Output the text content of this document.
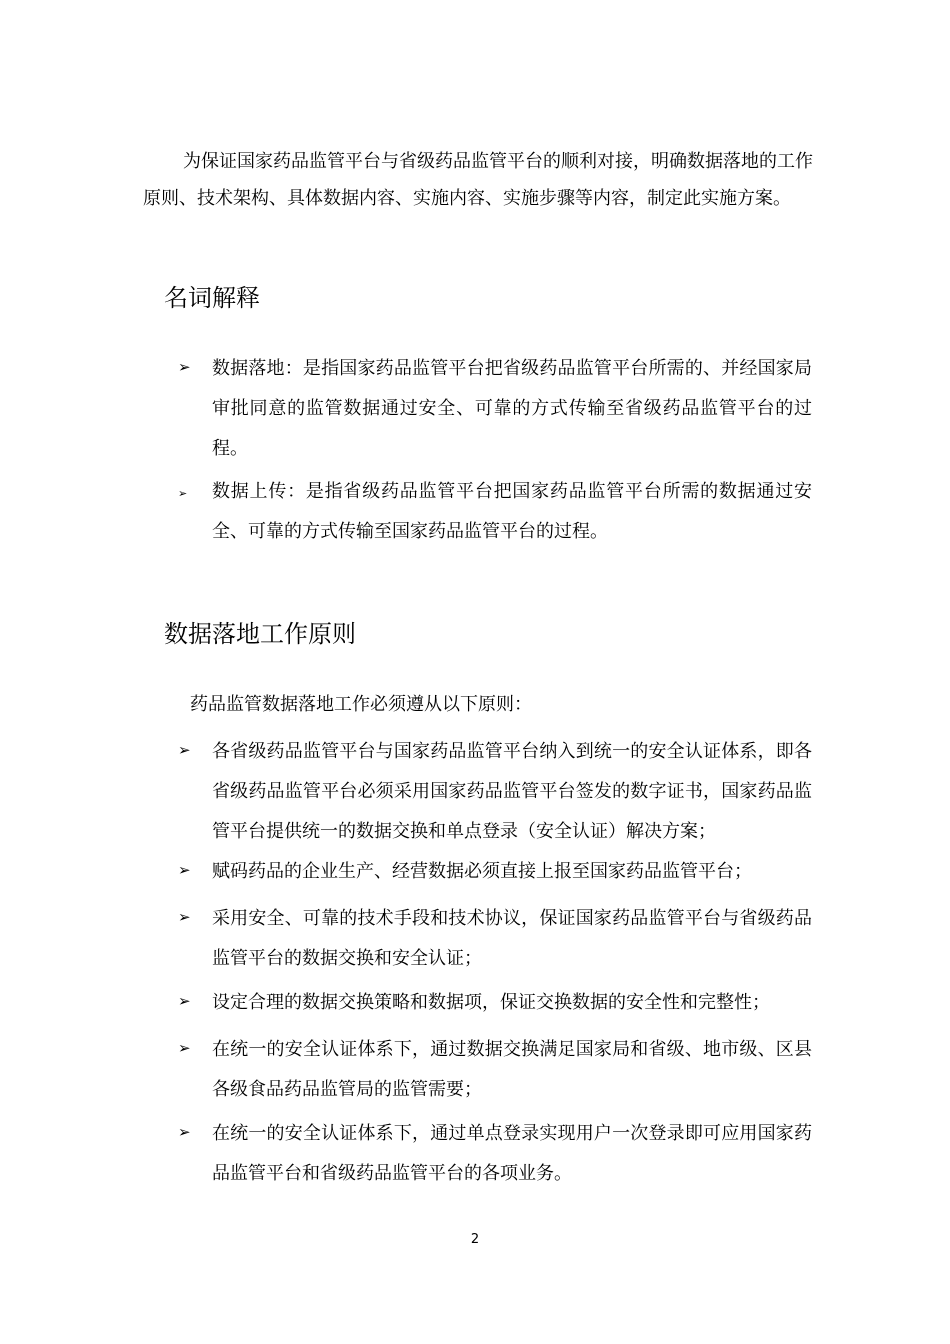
为保证国家药品监管平台与省级药品监管平台的顺利对接，明确数据落地的工作原则、技术架构、具体数据内容、实施内容、实施步骤等内容，制定此实施方案。

名词解释
➢	数据落地：是指国家药品监管平台把省级药品监管平台所需的、并经国家局审批同意的监管数据通过安全、可靠的方式传输至省级药品监管平台的过程。
➢	数据上传：是指省级药品监管平台把国家药品监管平台所需的数据通过安全、可靠的方式传输至国家药品监管平台的过程。
数据落地工作原则

药品监管数据落地工作必须遵从以下原则：

➢	各省级药品监管平台与国家药品监管平台纳入到统一的安全认证体系，即各省级药品监管平台必须采用国家药品监管平台签发的数字证书，国家药品监管平台提供统一的数据交换和单点登录（安全认证）解决方案；
➢	赋码药品的企业生产、经营数据必须直接上报至国家药品监管平台；
➢	采用安全、可靠的技术手段和技术协议，保证国家药品监管平台与省级药品监管平台的数据交换和安全认证；
➢	设定合理的数据交换策略和数据项，保证交换数据的安全性和完整性；
➢	在统一的安全认证体系下，通过数据交换满足国家局和省级、地市级、区县各级食品药品监管局的监管需要；
➢	在统一的安全认证体系下，通过单点登录实现用户一次登录即可应用国家药品监管平台和省级药品监管平台的各项业务。
2
